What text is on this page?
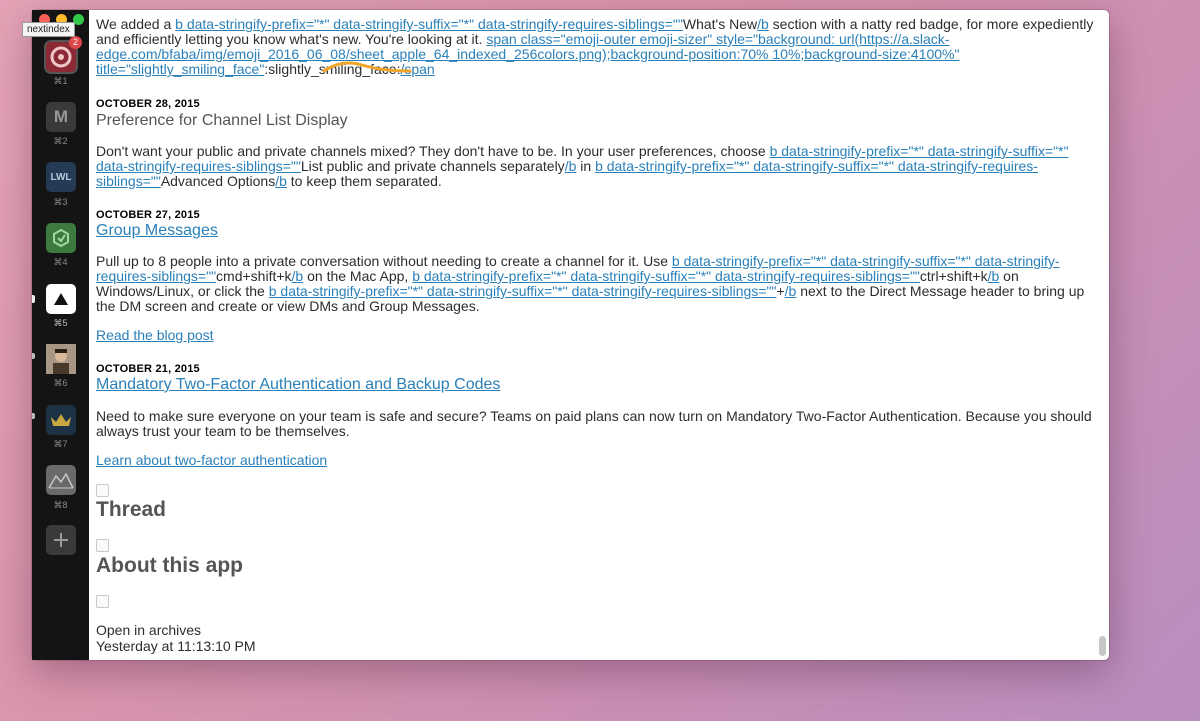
nextindex
2
⌘1
M
⌘2
LWL
⌘3
⌘4
⌘5
⌘6
⌘7
⌘8
We added a b data-stringify-prefix="*" data-stringify-suffix="*" data-stringify-requires-siblings=""What's New/b section with a natty red badge, for more expediently and efficiently letting you know what's new. You're looking at it. span class="emoji-outer emoji-sizer" style="background: url(https://a.slack-edge.com/bfaba/img/emoji_2016_06_08/sheet_apple_64_indexed_256colors.png);background-position:70% 10%;background-size:4100%" title="slightly_smiling_face":slightly_smiling_face:/span
OCTOBER 28, 2015
Preference for Channel List Display
Don't want your public and private channels mixed? They don't have to be. In your user preferences, choose b data-stringify-prefix="*" data-stringify-suffix="*" data-stringify-requires-siblings=""List public and private channels separately/b in b data-stringify-prefix="*" data-stringify-suffix="*" data-stringify-requires-siblings=""Advanced Options/b to keep them separated.
OCTOBER 27, 2015
Group Messages
Pull up to 8 people into a private conversation without needing to create a channel for it. Use b data-stringify-prefix="*" data-stringify-suffix="*" data-stringify-requires-siblings=""cmd+shift+k/b on the Mac App, b data-stringify-prefix="*" data-stringify-suffix="*" data-stringify-requires-siblings=""ctrl+shift+k/b on Windows/Linux, or click the b data-stringify-prefix="*" data-stringify-suffix="*" data-stringify-requires-siblings=""+/b next to the Direct Message header to bring up the DM screen and create or view DMs and Group Messages.
Read the blog post
OCTOBER 21, 2015
Mandatory Two-Factor Authentication and Backup Codes
Need to make sure everyone on your team is safe and secure? Teams on paid plans can now turn on Mandatory Two-Factor Authentication. Because you should always trust your team to be themselves.
Learn about two-factor authentication
Thread
About this app
Open in archives
Yesterday at 11:13:10 PM
